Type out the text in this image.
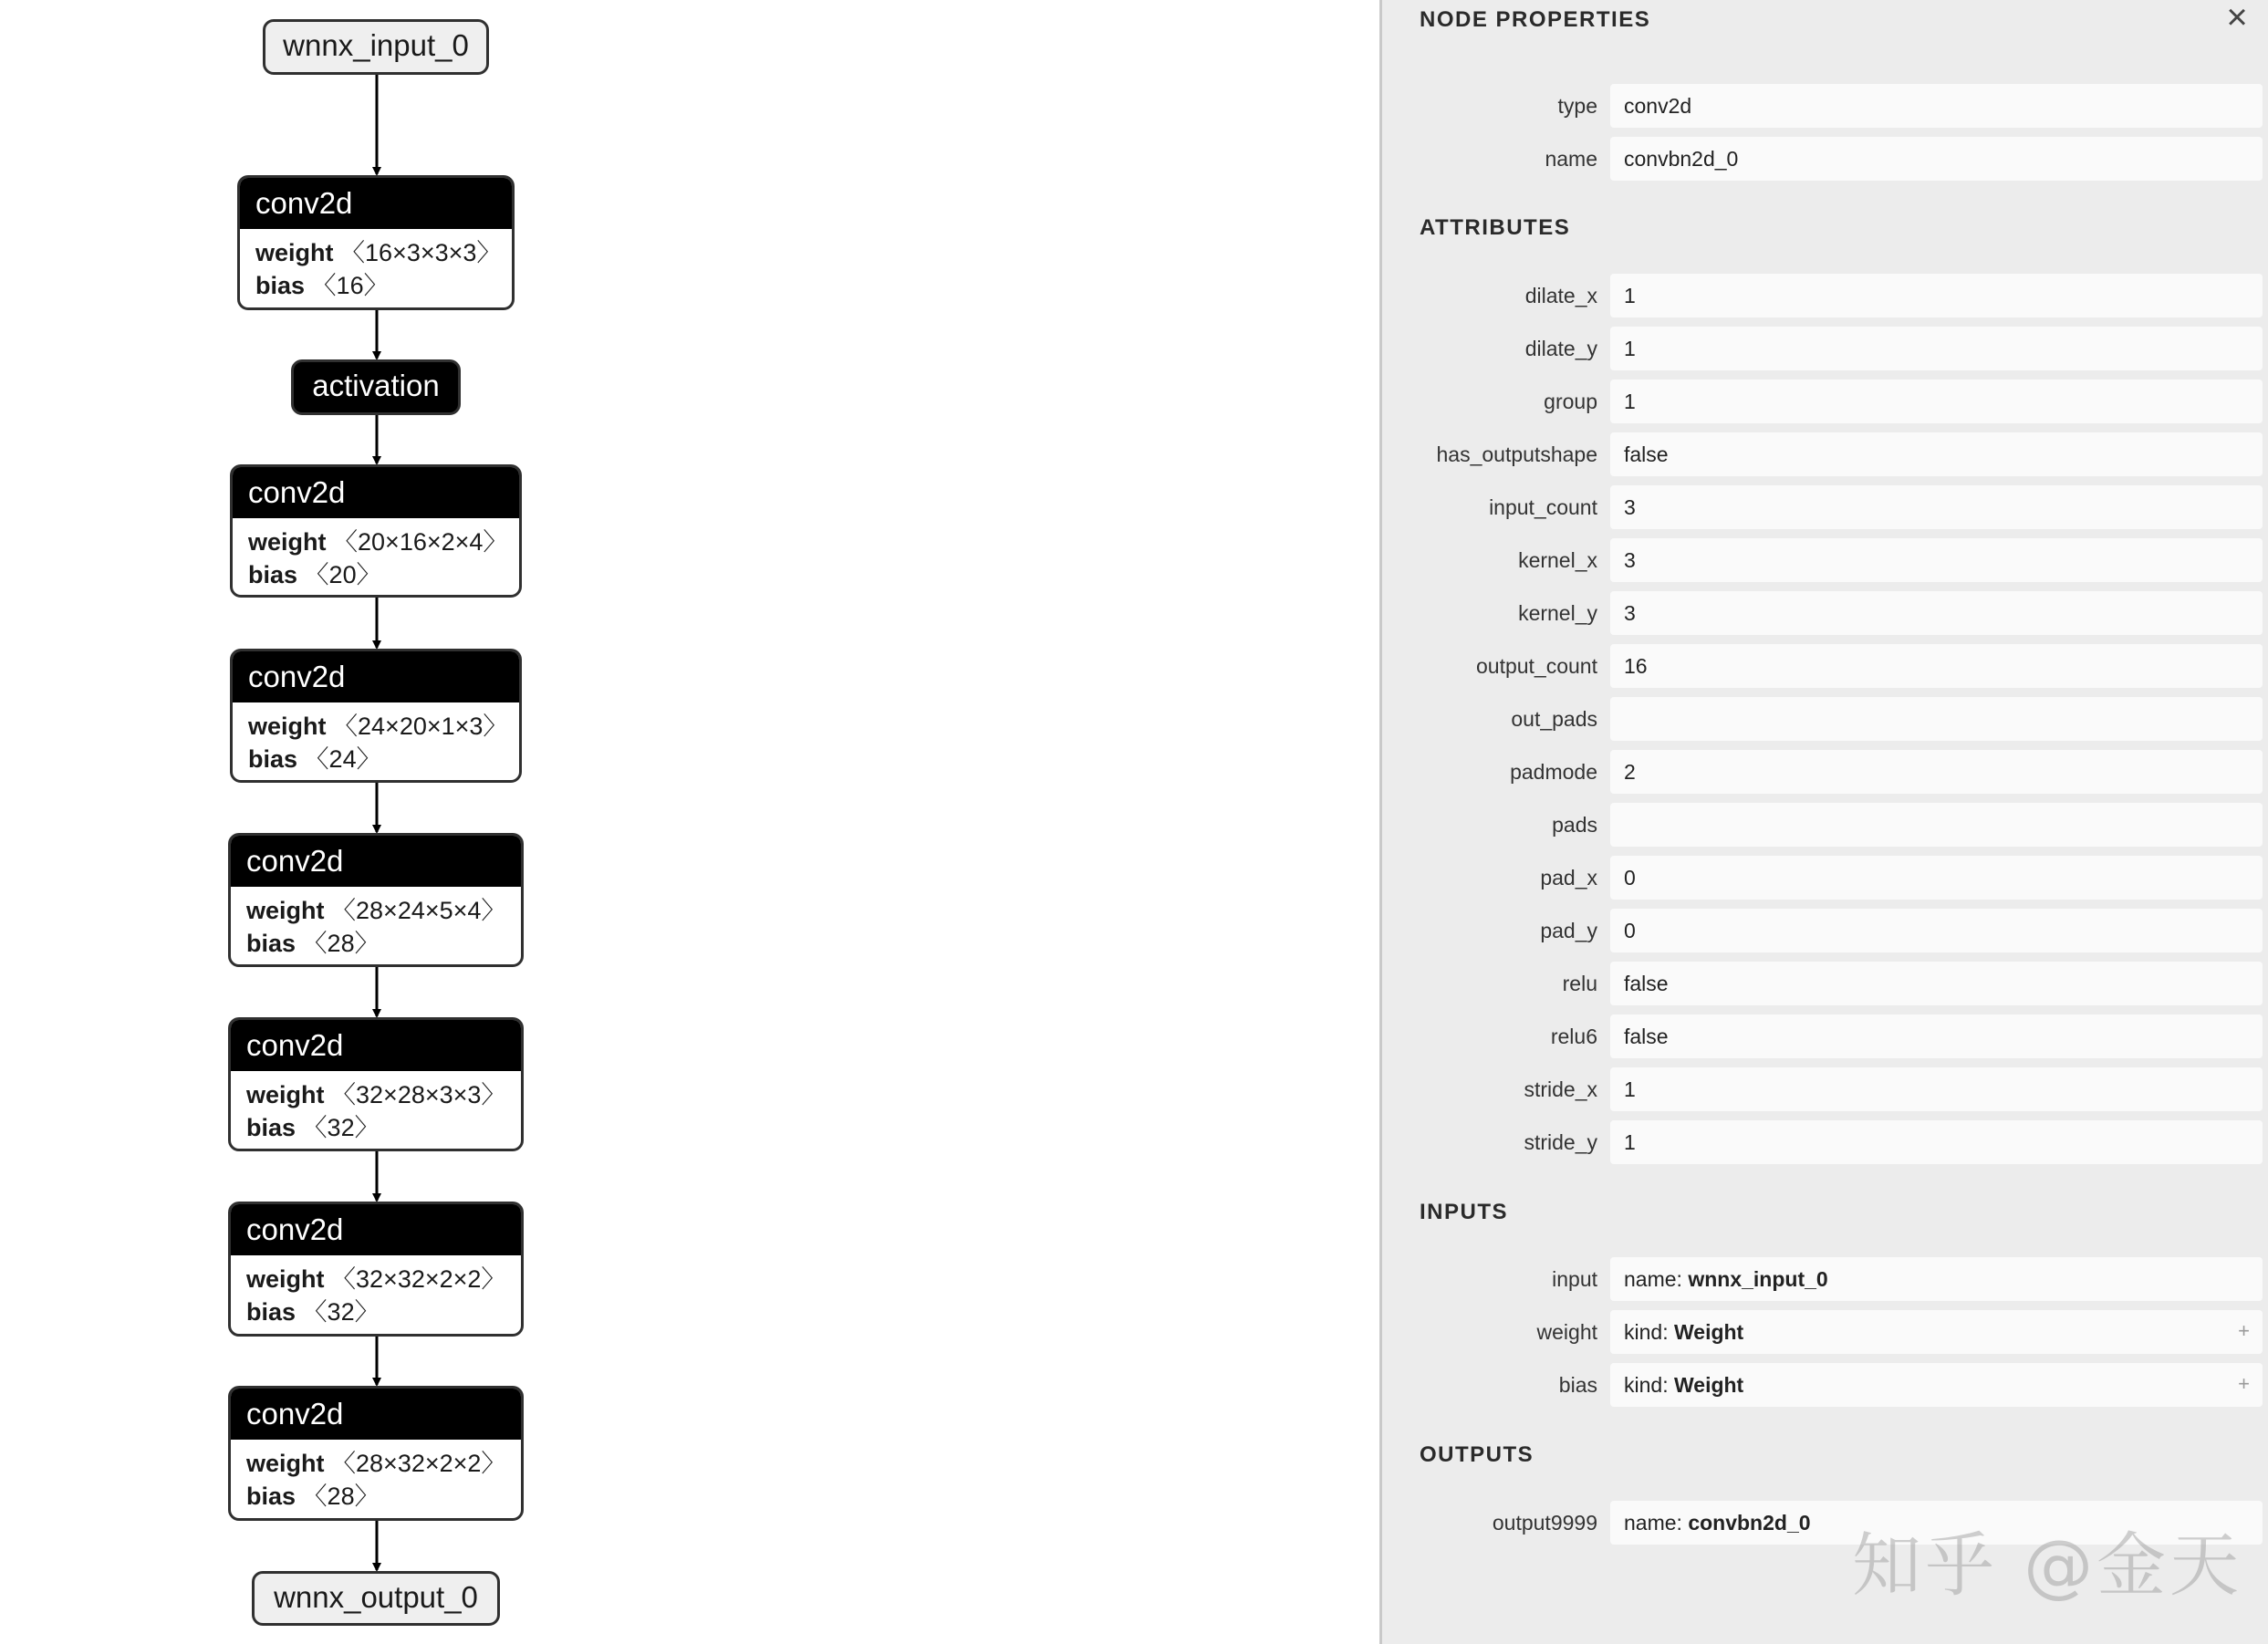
wnnx_input_0
conv2d
weight 〈16×3×3×3〉
bias 〈16〉
activation
conv2d
weight 〈20×16×2×4〉
bias 〈20〉
conv2d
weight 〈24×20×1×3〉
bias 〈24〉
conv2d
weight 〈28×24×5×4〉
bias 〈28〉
conv2d
weight 〈32×28×3×3〉
bias 〈32〉
conv2d
weight 〈32×32×2×2〉
bias 〈32〉
conv2d
weight 〈28×32×2×2〉
bias 〈28〉
wnnx_output_0
×
NODE PROPERTIES
type	conv2d
name	convbn2d_0
ATTRIBUTES
dilate_x	1
dilate_y	1
group	1
has_outputshape	false
input_count	3
kernel_x	3
kernel_y	3
output_count	16
out_pads
padmode	2
pads
pad_x	0
pad_y	0
relu	false
relu6	false
stride_x	1
stride_y	1
INPUTS
input	name: wnnx_input_0
weight	kind: Weight	+
bias	kind: Weight	+
OUTPUTS
output9999	name: convbn2d_0
知乎 @金天
